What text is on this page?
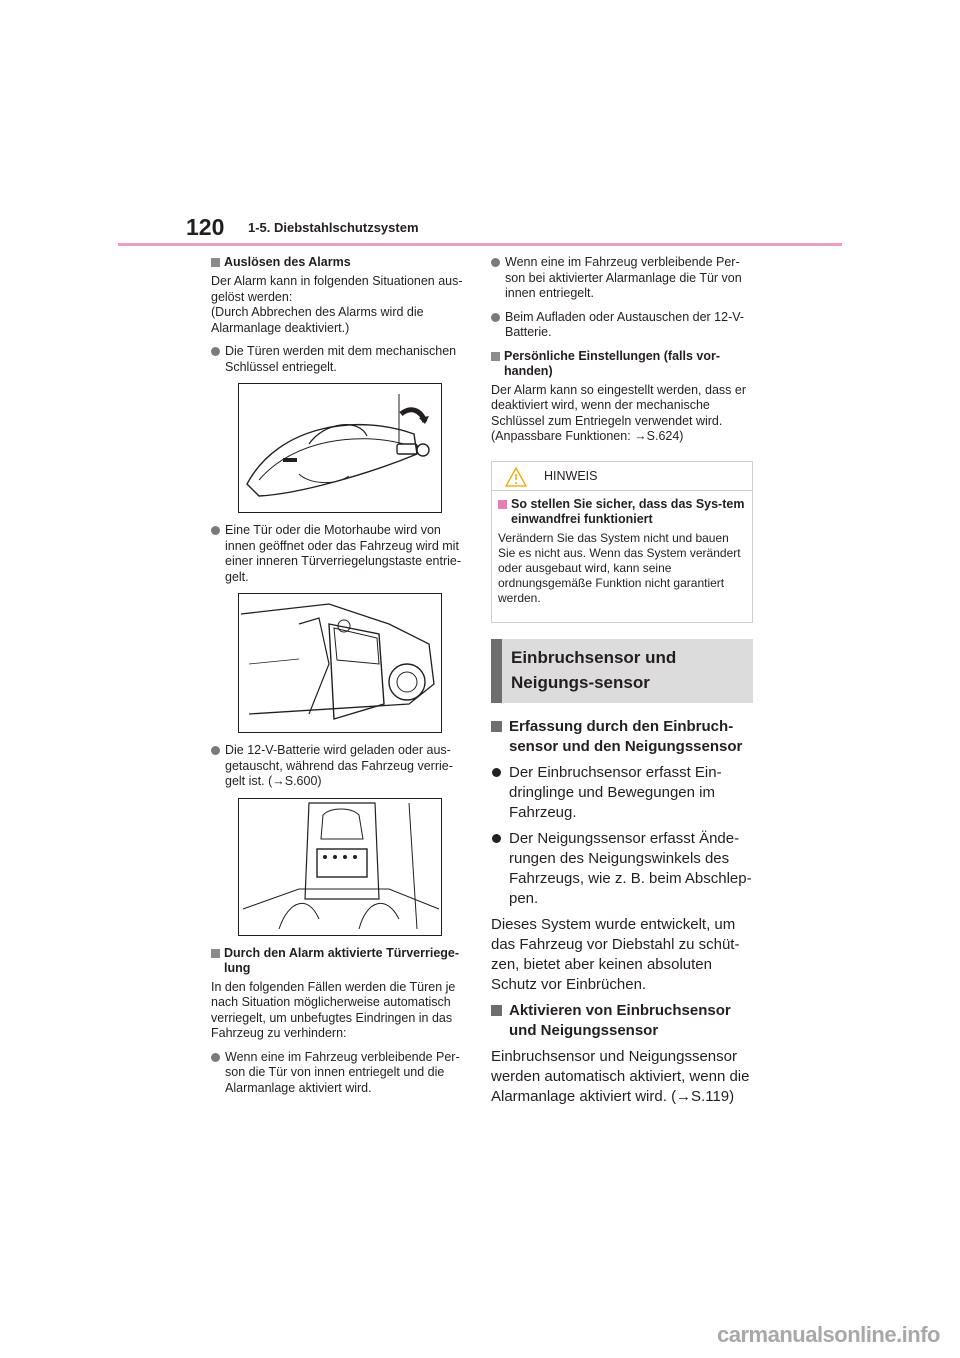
120 1-5. Diebstahlschutzsystem
Auslösen des Alarms
Der Alarm kann in folgenden Situationen aus-gelöst werden:
(Durch Abbrechen des Alarms wird die Alarmanlage deaktiviert.)
Die Türen werden mit dem mechanischen Schlüssel entriegelt.
Eine Tür oder die Motorhaube wird von innen geöffnet oder das Fahrzeug wird mit einer inneren Türverriegelungstaste entrie-gelt.
Die 12-V-Batterie wird geladen oder aus-getauscht, während das Fahrzeug verrie-gelt ist. (→S.600)
Durch den Alarm aktivierte Türverriege-lung
In den folgenden Fällen werden die Türen je nach Situation möglicherweise automatisch verriegelt, um unbefugtes Eindringen in das Fahrzeug zu verhindern:
Wenn eine im Fahrzeug verbleibende Per-son die Tür von innen entriegelt und die Alarmanlage aktiviert wird.
Wenn eine im Fahrzeug verbleibende Per-son bei aktivierter Alarmanlage die Tür von innen entriegelt.
Beim Aufladen oder Austauschen der 12-V-Batterie.
Persönliche Einstellungen (falls vor-handen)
Der Alarm kann so eingestellt werden, dass er deaktiviert wird, wenn der mechanische Schlüssel zum Entriegeln verwendet wird. (Anpassbare Funktionen: →S.624)
HINWEIS
So stellen Sie sicher, dass das Sys-tem einwandfrei funktioniert
Verändern Sie das System nicht und bauen Sie es nicht aus. Wenn das System verändert oder ausgebaut wird, kann seine ordnungsgemäße Funktion nicht garantiert werden.
Einbruchsensor und Neigungs-sensor
Erfassung durch den Einbruch-sensor und den Neigungssensor
Der Einbruchsensor erfasst Ein-dringlinge und Bewegungen im Fahrzeug.
Der Neigungssensor erfasst Ände-rungen des Neigungswinkels des Fahrzeugs, wie z. B. beim Abschlep-pen.
Dieses System wurde entwickelt, um das Fahrzeug vor Diebstahl zu schüt-zen, bietet aber keinen absoluten Schutz vor Einbrüchen.
Aktivieren von Einbruchsensor und Neigungssensor
Einbruchsensor und Neigungssensor werden automatisch aktiviert, wenn die Alarmanlage aktiviert wird. (→S.119)
carmanualsonline.info
